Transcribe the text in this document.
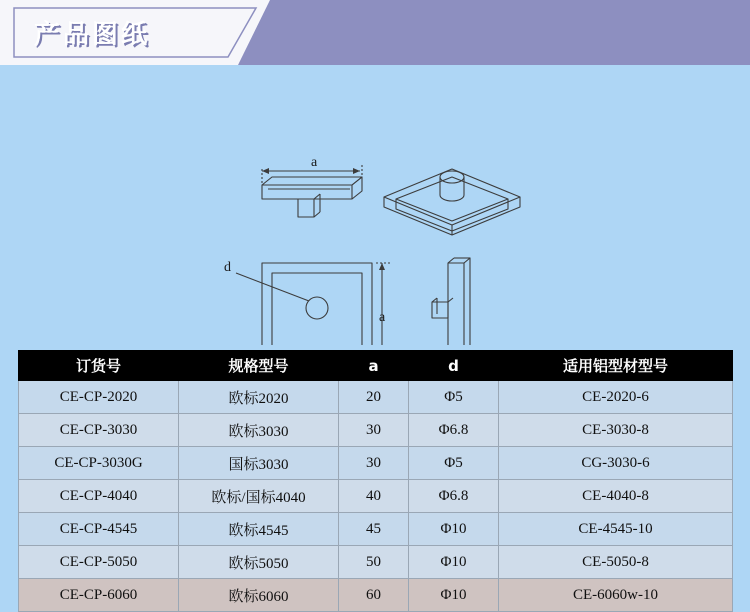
产品图纸
a
a
d
订货号	规格型号	a	d	适用铝型材型号
CE-CP-2020	欧标2020	20	Φ5	CE-2020-6
CE-CP-3030	欧标3030	30	Φ6.8	CE-3030-8
CE-CP-3030G	国标3030	30	Φ5	CG-3030-6
CE-CP-4040	欧标/国标4040	40	Φ6.8	CE-4040-8
CE-CP-4545	欧标4545	45	Φ10	CE-4545-10
CE-CP-5050	欧标5050	50	Φ10	CE-5050-8
CE-CP-6060	欧标6060	60	Φ10	CE-6060w-10
